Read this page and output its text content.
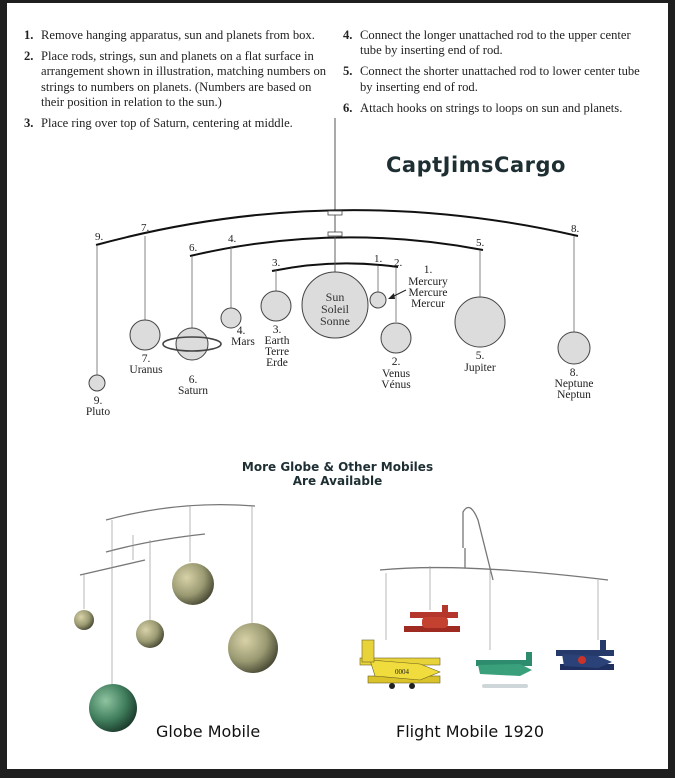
1. Remove hanging apparatus, sun and planets from box.
2. Place rods, strings, sun and planets on a flat surface in arrangement shown in illustration, matching numbers on strings to numbers on planets. (Numbers are based on their position in relation to the sun.)
3. Place ring over top of Saturn, centering at middle.
4. Connect the longer unattached rod to the upper center tube by inserting end of rod.
5. Connect the shorter unattached rod to lower center tube by inserting end of rod.
6. Attach hooks on strings to loops on sun and planets.
CaptJimsCargo
9.
7.
6.
4.
3.	1. 2.
5.
8.
Sun
Soleil
Sonne
1.
Mercury
Mercure
Mercur
2.
Venus
Vénus
3.
Earth
Terre
Erde
4.
Mars
5.
Jupiter
6.
Saturn
7.
Uranus	8.
Neptune
Neptun
9.
Pluto
0004
More Globe & Other Mobiles
Are Available
Globe Mobile	Flight Mobile 1920
